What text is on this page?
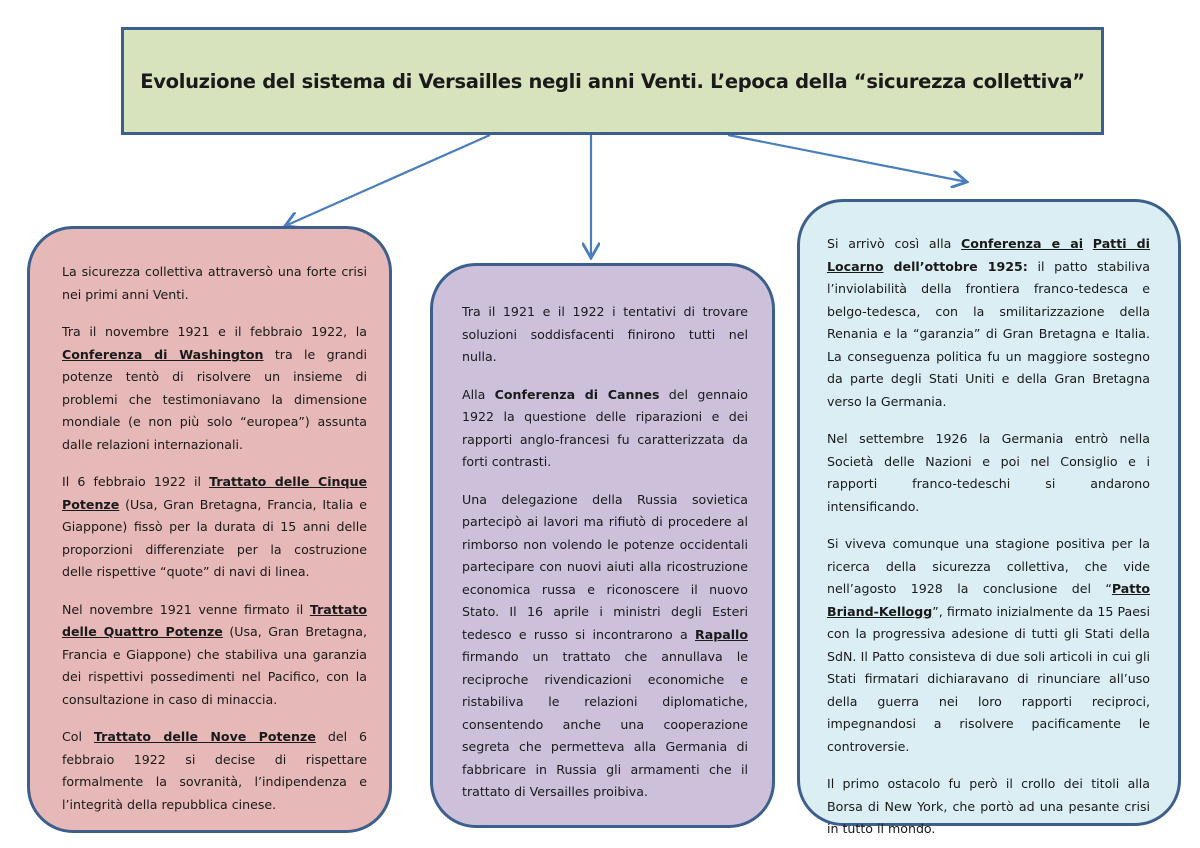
Evoluzione del sistema di Versailles negli anni Venti. L’epoca della “sicurezza collettiva”

La sicurezza collettiva attraversò una forte crisi nei primi anni Venti.

Tra il novembre 1921 e il febbraio 1922, la Conferenza di Washington tra le grandi potenze tentò di risolvere un insieme di problemi che testimoniavano la dimensione mondiale (e non più solo “europea”) assunta dalle relazioni internazionali.

Il 6 febbraio 1922 il Trattato delle Cinque Potenze (Usa, Gran Bretagna, Francia, Italia e Giappone) fissò per la durata di 15 anni delle proporzioni differenziate per la costruzione delle rispettive “quote” di navi di linea.

Nel novembre 1921 venne firmato il Trattato delle Quattro Potenze (Usa, Gran Bretagna, Francia e Giappone) che stabiliva una garanzia dei rispettivi possedimenti nel Pacifico, con la consultazione in caso di minaccia.

Col Trattato delle Nove Potenze del 6 febbraio 1922 si decise di rispettare formalmente la sovranità, l’indipendenza e l’integrità della repubblica cinese.

Tra il 1921 e il 1922 i tentativi di trovare soluzioni soddisfacenti finirono tutti nel nulla.

Alla Conferenza di Cannes del gennaio 1922 la questione delle riparazioni e dei rapporti anglo-francesi fu caratterizzata da forti contrasti.

Una delegazione della Russia sovietica partecipò ai lavori ma rifiutò di procedere al rimborso non volendo le potenze occidentali partecipare con nuovi aiuti alla ricostruzione economica russa e riconoscere il nuovo Stato. Il 16 aprile i ministri degli Esteri tedesco e russo si incontrarono a Rapallo firmando un trattato che annullava le reciproche rivendicazioni economiche e ristabiliva le relazioni diplomatiche, consentendo anche una cooperazione segreta che permetteva alla Germania di fabbricare in Russia gli armamenti che il trattato di Versailles proibiva.

Si arrivò così alla Conferenza e ai Patti di Locarno dell’ottobre 1925: il patto stabiliva l’inviolabilità della frontiera franco-tedesca e belgo-tedesca, con la smilitarizzazione della Renania e la “garanzia” di Gran Bretagna e Italia. La conseguenza politica fu un maggiore sostegno da parte degli Stati Uniti e della Gran Bretagna verso la Germania.

Nel settembre 1926 la Germania entrò nella Società delle Nazioni e poi nel Consiglio e i rapporti franco-tedeschi si andarono intensificando.

Si viveva comunque una stagione positiva per la ricerca della sicurezza collettiva, che vide nell’agosto 1928 la conclusione del “Patto Briand-Kellogg”, firmato inizialmente da 15 Paesi con la progressiva adesione di tutti gli Stati della SdN. Il Patto consisteva di due soli articoli in cui gli Stati firmatari dichiaravano di rinunciare all’uso della guerra nei loro rapporti reciproci, impegnandosi a risolvere pacificamente le controversie.

Il primo ostacolo fu però il crollo dei titoli alla Borsa di New York, che portò ad una pesante crisi in tutto il mondo.
